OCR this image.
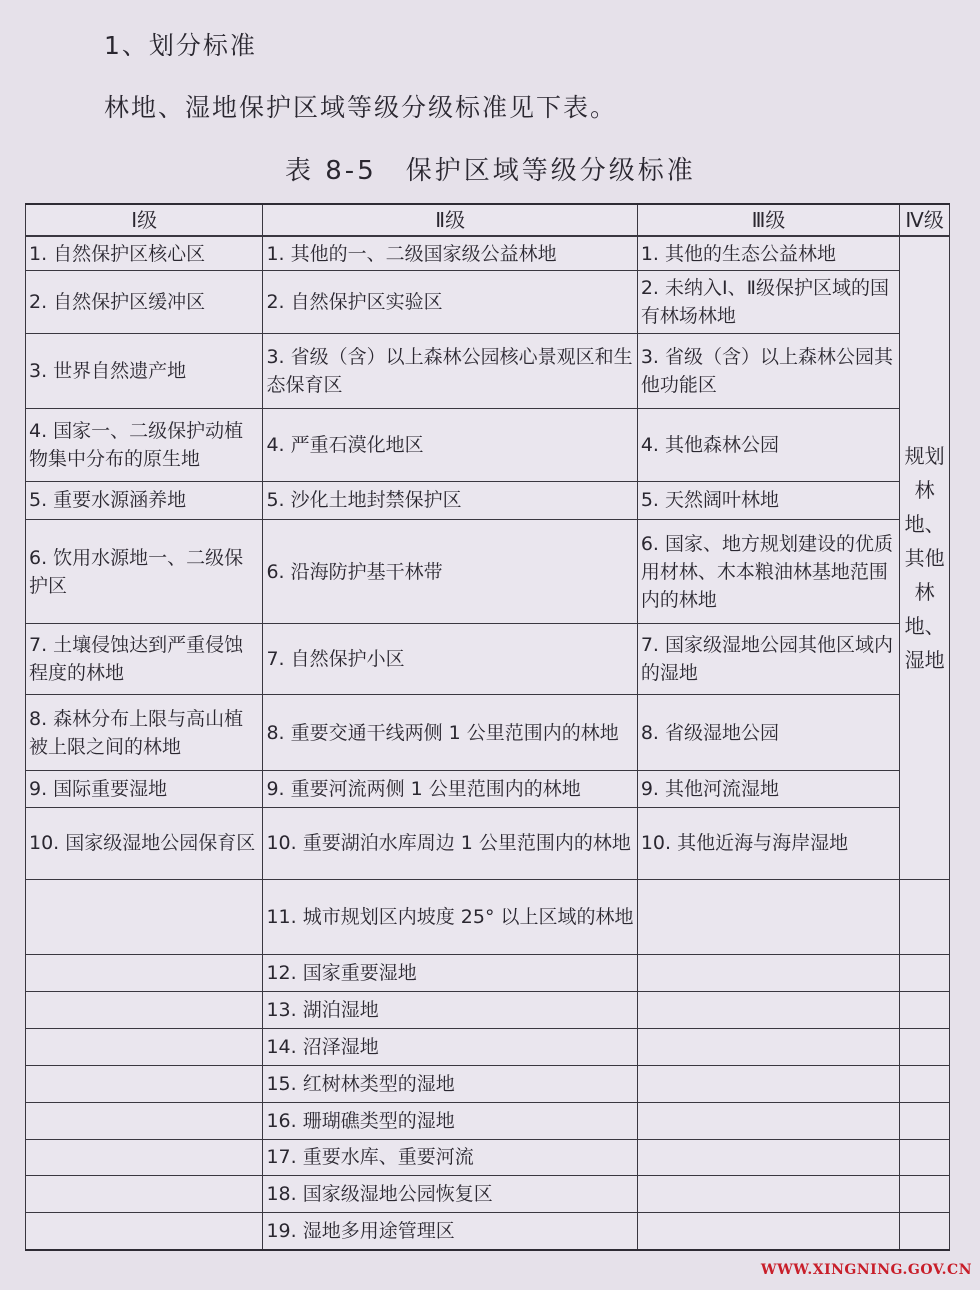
1、划分标准
林地、湿地保护区域等级分级标准见下表。
表 8-5　保护区域等级分级标准
Ⅰ级	Ⅱ级	Ⅲ级	Ⅳ级
1. 自然保护区核心区	1. 其他的一、二级国家级公益林地	1. 其他的生态公益林地	规划林地、其他林地、湿地
2. 自然保护区缓冲区	2. 自然保护区实验区	2. 未纳入Ⅰ、Ⅱ级保护区域的国有林场林地	
3. 世界自然遗产地	3. 省级（含）以上森林公园核心景观区和生态保育区	3. 省级（含）以上森林公园其他功能区	
4. 国家一、二级保护动植物集中分布的原生地	4. 严重石漠化地区	4. 其他森林公园	
5. 重要水源涵养地	5. 沙化土地封禁保护区	5. 天然阔叶林地	
6. 饮用水源地一、二级保护区	6. 沿海防护基干林带	6. 国家、地方规划建设的优质用材林、木本粮油林基地范围内的林地	
7. 土壤侵蚀达到严重侵蚀程度的林地	7. 自然保护小区	7. 国家级湿地公园其他区域内的湿地	
8. 森林分布上限与高山植被上限之间的林地	8. 重要交通干线两侧 1 公里范围内的林地	8. 省级湿地公园	
9. 国际重要湿地	9. 重要河流两侧 1 公里范围内的林地	9. 其他河流湿地	
10. 国家级湿地公园保育区	10. 重要湖泊水库周边 1 公里范围内的林地	10. 其他近海与海岸湿地	
	11. 城市规划区内坡度 25° 以上区域的林地		
	12. 国家重要湿地		
	13. 湖泊湿地		
	14. 沼泽湿地		
	15. 红树林类型的湿地		
	16. 珊瑚礁类型的湿地		
	17. 重要水库、重要河流		
	18. 国家级湿地公园恢复区		
	19. 湿地多用途管理区		
WWW.XINGNING.GOV.CN
